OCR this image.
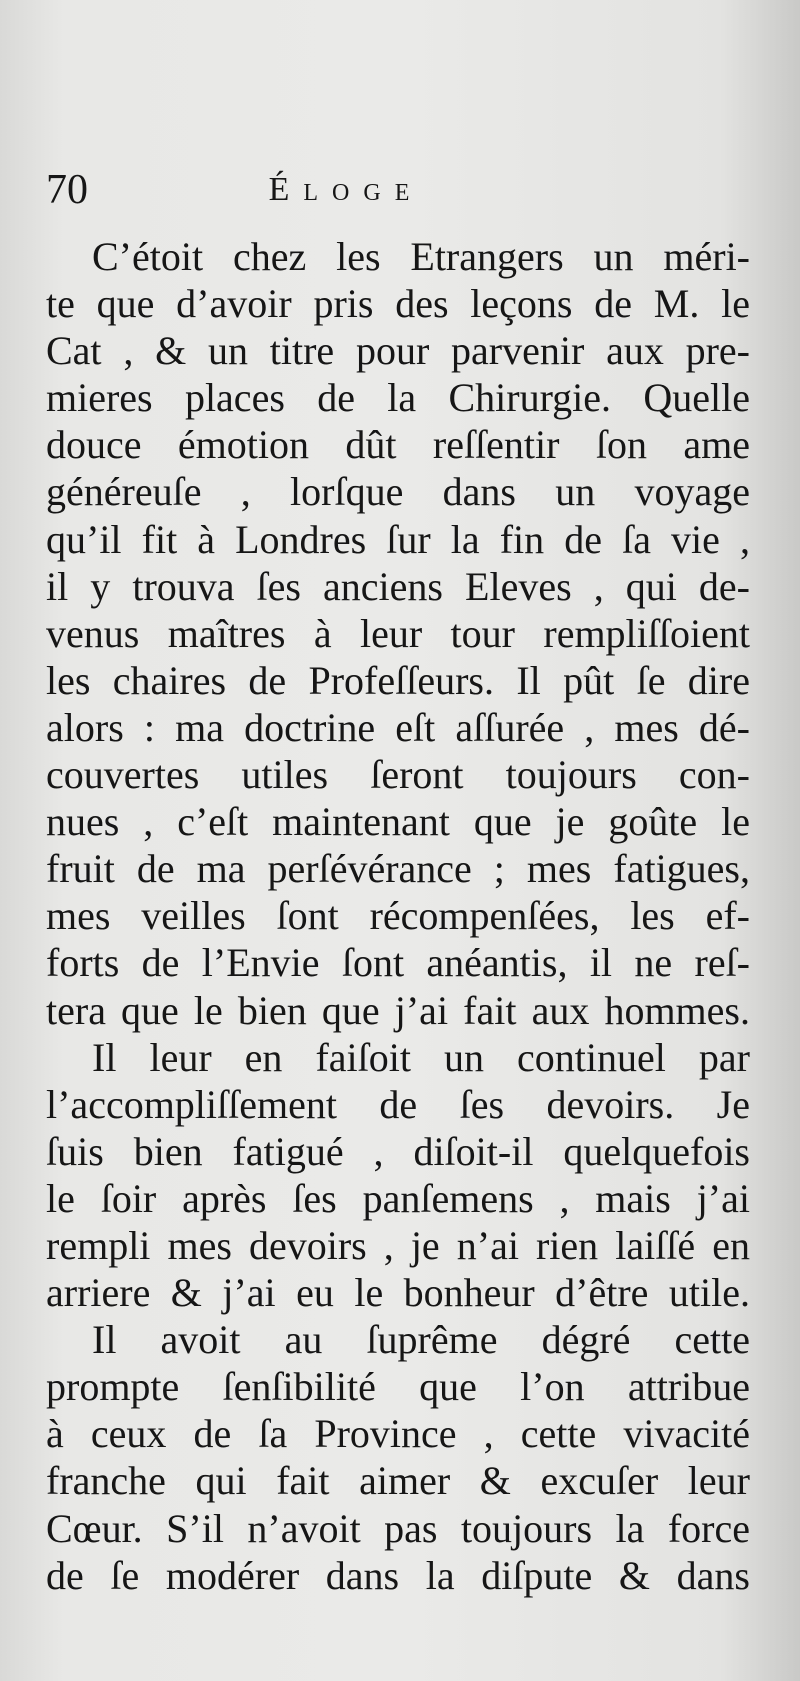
70	Éloge
C’étoit chez les Etrangers un méri-
te que d’avoir pris des leçons de M. le
Cat , & un titre pour parvenir aux pre-
mieres places de la Chirurgie. Quelle
douce émotion dût reſſentir ſon ame
généreuſe , lorſque dans un voyage
qu’il fit à Londres ſur la fin de ſa vie ,
il y trouva ſes anciens Eleves , qui de-
venus maîtres à leur tour rempliſſoient
les chaires de Profeſſeurs. Il pût ſe dire
alors : ma doctrine eſt aſſurée , mes dé-
couvertes utiles ſeront toujours con-
nues , c’eſt maintenant que je goûte le
fruit de ma perſévérance ; mes fatigues,
mes veilles ſont récompenſées, les ef-
forts de l’Envie ſont anéantis, il ne reſ-
tera que le bien que j’ai fait aux hommes.
Il leur en faiſoit un continuel par
l’accompliſſement de ſes devoirs. Je
ſuis bien fatigué , diſoit-il quelquefois
le ſoir après ſes panſemens , mais j’ai
rempli mes devoirs , je n’ai rien laiſſé en
arriere & j’ai eu le bonheur d’être utile.
Il avoit au ſuprême dégré cette
prompte ſenſibilité que l’on attribue
à ceux de ſa Province , cette vivacité
franche qui fait aimer & excuſer leur
Cœur. S’il n’avoit pas toujours la force
de ſe modérer dans la diſpute & dans
